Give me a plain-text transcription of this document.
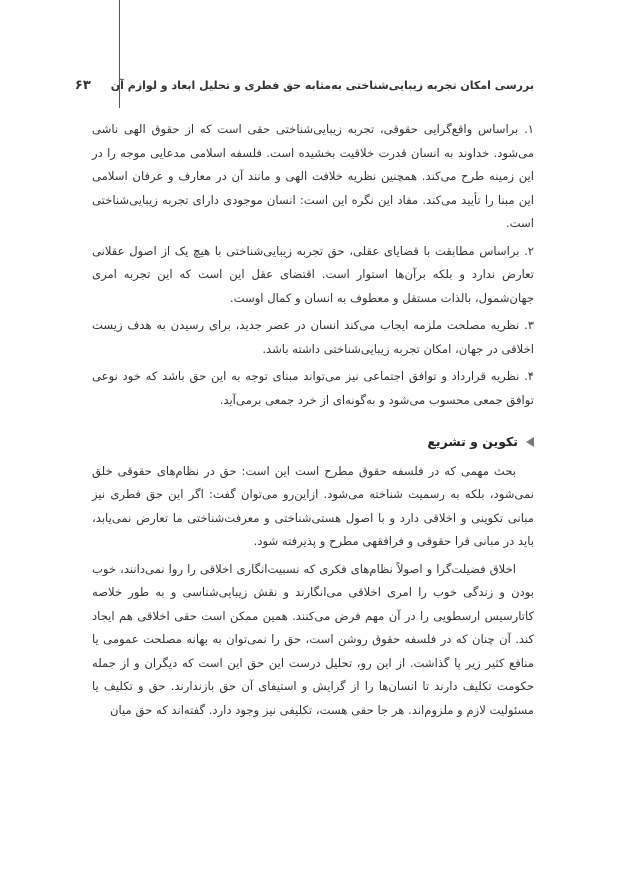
بررسی امکان تجربه زیبایی‌شناختی به‌مثابه حق فطری و تحلیل ابعاد و لوازم آن
۶۳

۱. براساس واقع‌گرایی حقوقی، تجربه زیبایی‌شناختی حقی است که از حقوق الهی ناشی می‌شود. خداوند به انسان قدرت خلاقیت بخشیده است. فلسفه اسلامی مدعایی موجه را در این زمینه طرح می‌کند. همچنین نظریه خلافت الهی و مانند آن در معارف و عرفان اسلامی این مبنا را تأیید می‌کند. مفاد این نگره این است: انسان موجودی دارای تجربه زیبایی‌شناختی است.

۲. براساس مطابقت با قضایای عقلی، حق تجربه زیبایی‌شناختی با هیچ یک از اصول عقلانی تعارض ندارد و بلکه برآن‌ها استوار است. اقتضای عقل این است که این تجربه امری جهان‌شمول، بالذات مستقل و معطوف به انسان و کمال اوست.

۳. نظریه مصلحت ملزمه ایجاب می‌کند انسان در عصر جدید، برای رسیدن به هدف زیست اخلاقی در جهان، امکان تجربه زیبایی‌شناختی داشته باشد.

۴. نظریه قرارداد و توافق اجتماعی نیز می‌تواند مبنای توجه به این حق باشد که خود نوعی توافق جمعی محسوب می‌شود و به‌گونه‌ای از خرد جمعی برمی‌آید.

تکوین و تشریع

بحث مهمی که در فلسفه حقوق مطرح است این است: حق در نظام‌های حقوقی خلق نمی‌شود، بلکه به رسمیت شناخته می‌شود. ازاین‌رو می‌توان گفت: اگر این حق فطری نیز مبانی تکوینی و اخلاقی دارد و با اصول هستی‌شناختی و معرفت‌شناختی ما تعارض نمی‌یابد، باید در مبانی فرا حقوقی و فرافقهی مطرح و پذیرفته شود.

اخلاق فضیلت‌گرا و اصولاً نظام‌های فکری که نسبیت‌انگاری اخلاقی را روا نمی‌دانند، خوب بودن و زندگی خوب را امری اخلاقی می‌انگارند و نقش زیبایی‌شناسی و به طور خلاصه کاتارسیس ارسطویی را در آن مهم فرض می‌کنند. همین ممکن است حقی اخلاقی هم ایجاد کند. آن چنان که در فلسفه حقوق روشن است، حق را نمی‌توان به بهانه مصلحت عمومی یا منافع کثیر زیر پا گذاشت. از این رو، تحلیل درست این حق این است که دیگران و از جمله حکومت تکلیف دارند تا انسان‌ها را از گرایش و استیفای آن حق بازندارند. حق و تکلیف یا مسئولیت لازم و ملزوم‌اند. هر جا حقی هست، تکلیفی نیز وجود دارد. گفته‌اند که حق میان
